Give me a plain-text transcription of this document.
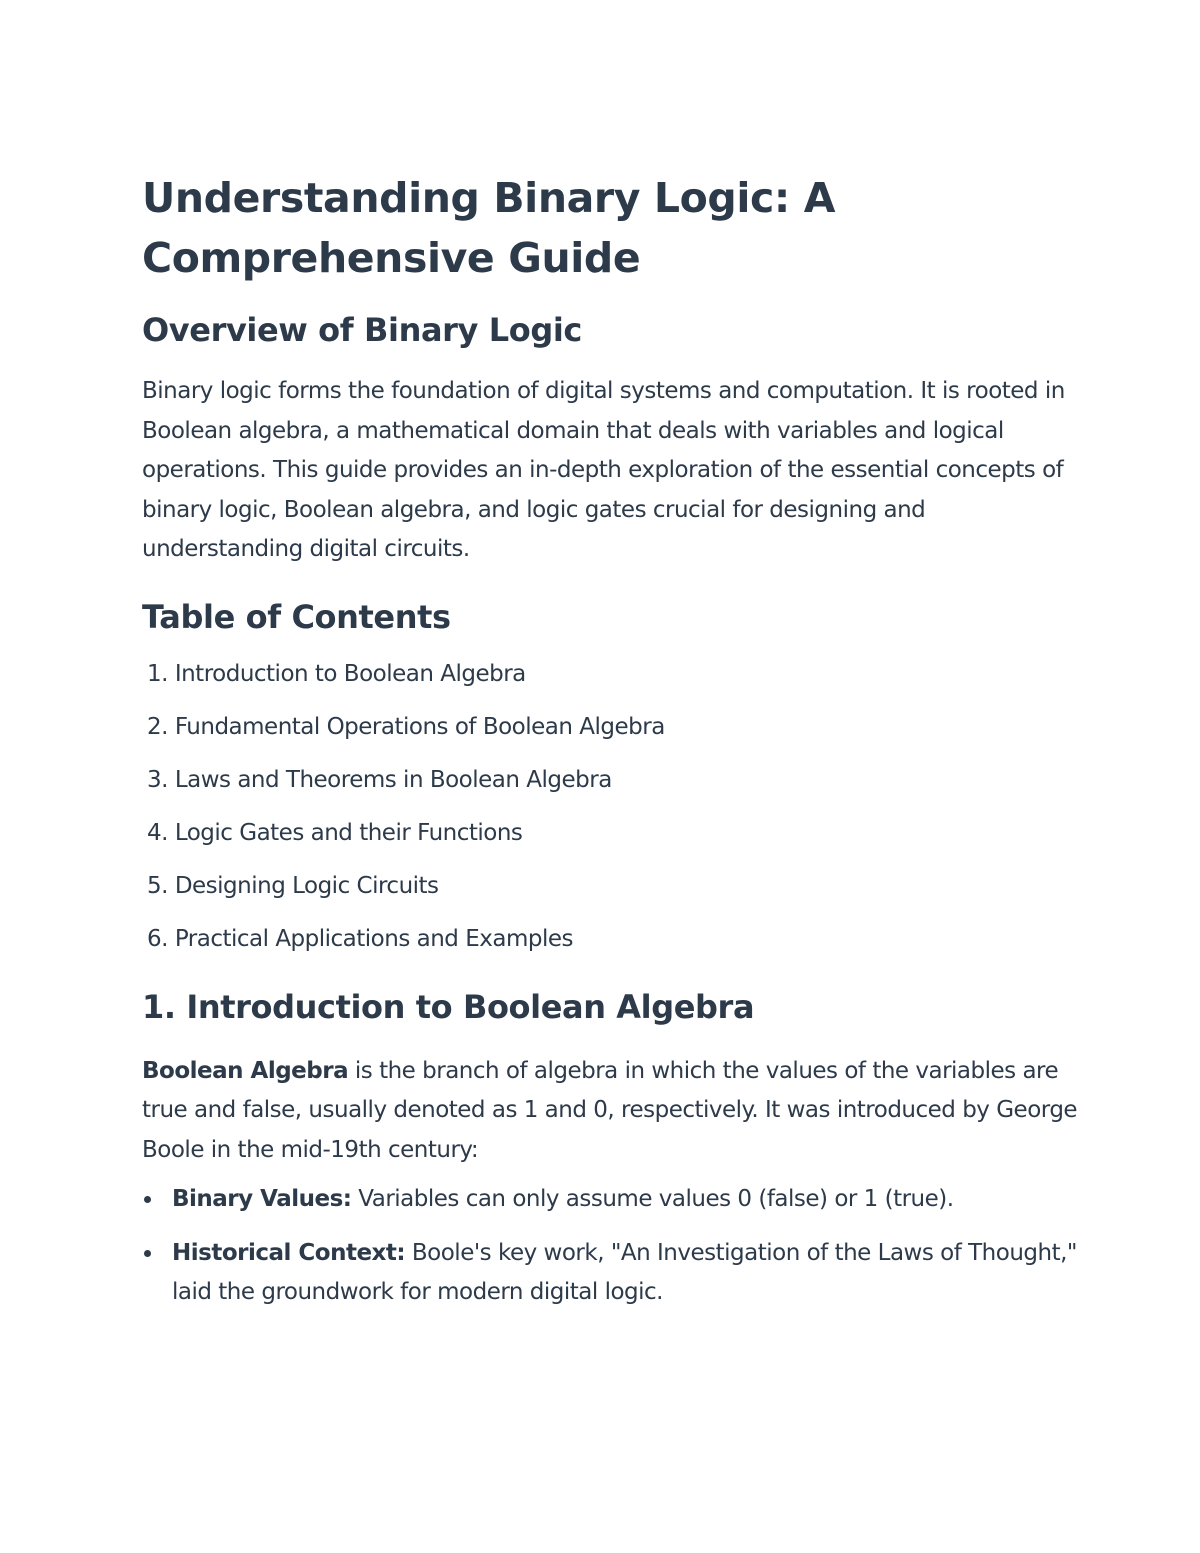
Understanding Binary Logic: A Comprehensive Guide
Overview of Binary Logic

Binary logic forms the foundation of digital systems and computation. It is rooted in Boolean algebra, a mathematical domain that deals with variables and logical operations. This guide provides an in-depth exploration of the essential concepts of binary logic, Boolean algebra, and logic gates crucial for designing and understanding digital circuits.

Table of Contents
1. Introduction to Boolean Algebra
2. Fundamental Operations of Boolean Algebra
3. Laws and Theorems in Boolean Algebra
4. Logic Gates and their Functions
5. Designing Logic Circuits
6. Practical Applications and Examples
1. Introduction to Boolean Algebra

Boolean Algebra is the branch of algebra in which the values of the variables are true and false, usually denoted as 1 and 0, respectively. It was introduced by George Boole in the mid-19th century:

Binary Values: Variables can only assume values 0 (false) or 1 (true).
Historical Context: Boole's key work, "An Investigation of the Laws of Thought," laid the groundwork for modern digital logic.
